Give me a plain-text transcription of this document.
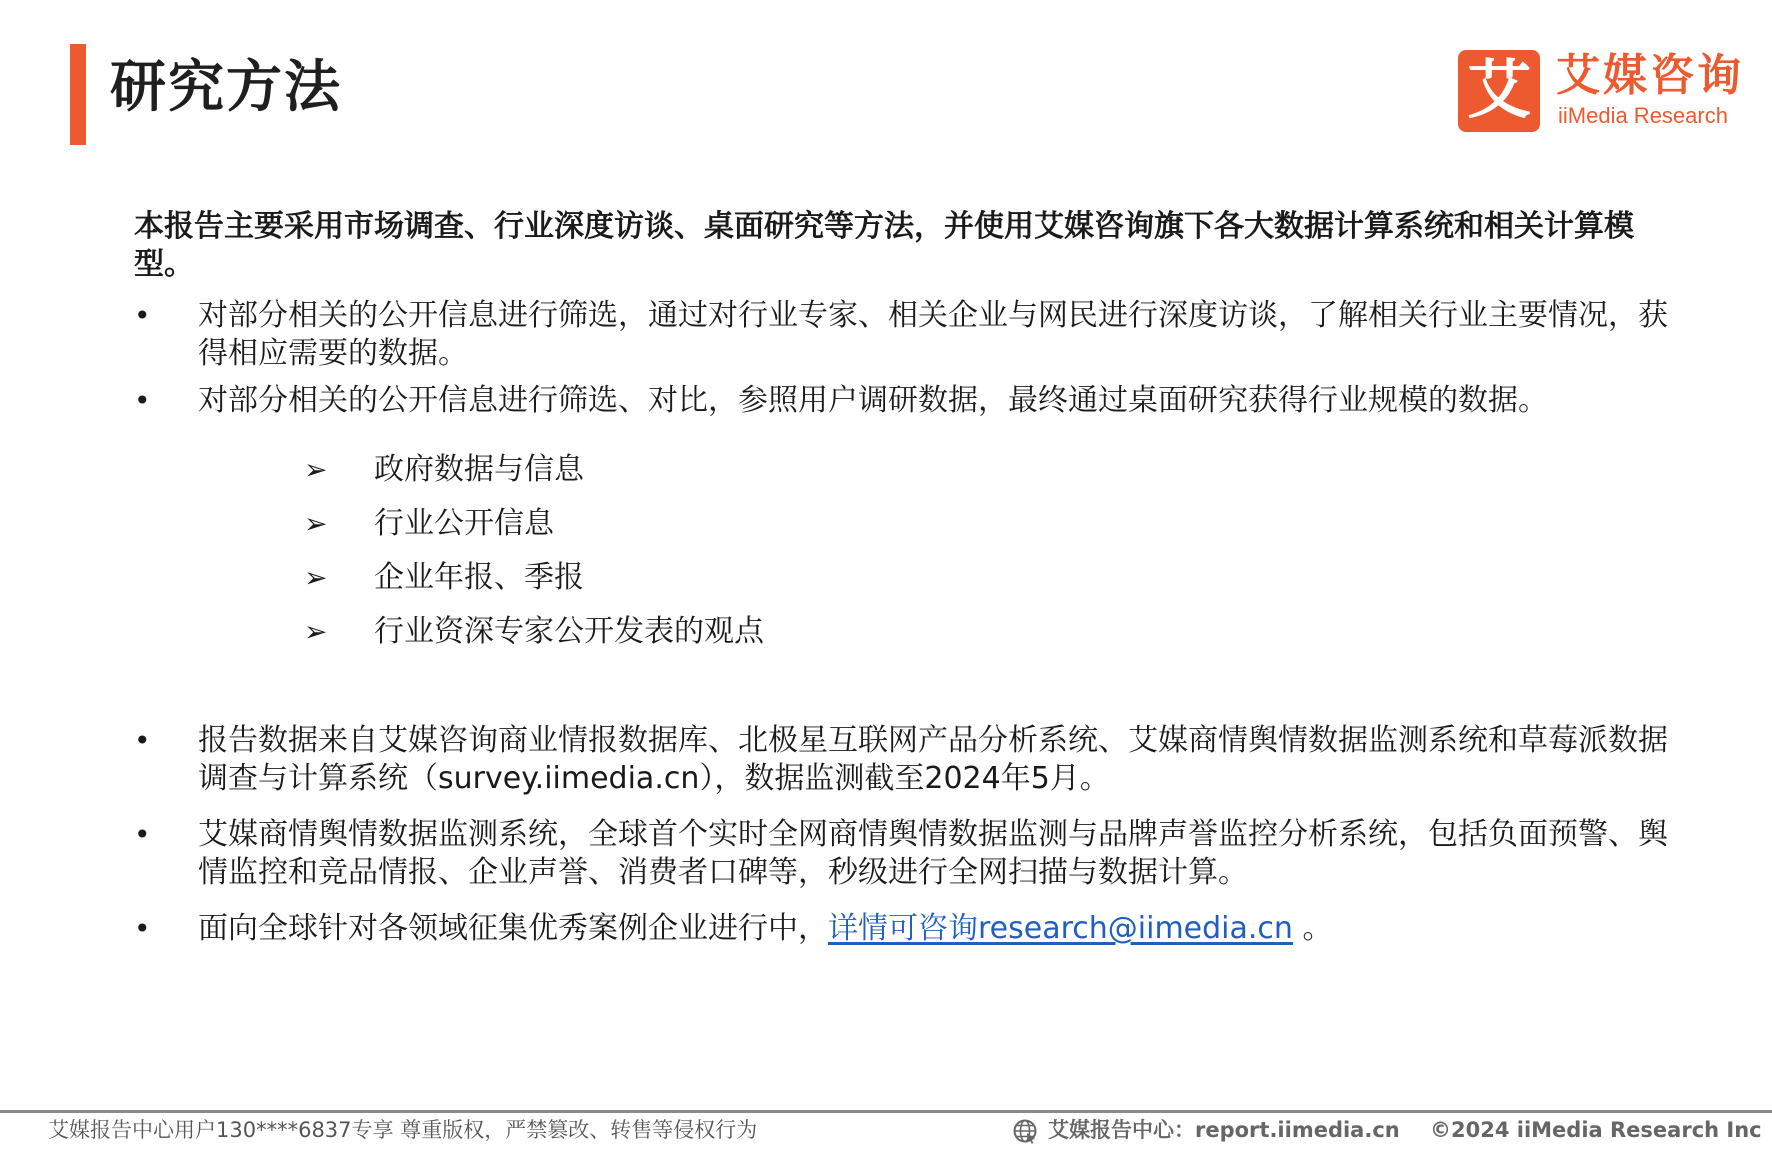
研究方法	艾 艾媒咨询
iiMedia Research
本报告主要采用市场调查、行业深度访谈、桌面研究等方法，并使用艾媒咨询旗下各大数据计算系统和相关计算模型。
• 对部分相关的公开信息进行筛选，通过对行业专家、相关企业与网民进行深度访谈，了解相关行业主要情况，获得相应需要的数据。
• 对部分相关的公开信息进行筛选、对比，参照用户调研数据，最终通过桌面研究获得行业规模的数据。
➢ 政府数据与信息
➢ 行业公开信息
➢ 企业年报、季报
➢ 行业资深专家公开发表的观点
• 报告数据来自艾媒咨询商业情报数据库、北极星互联网产品分析系统、艾媒商情舆情数据监测系统和草莓派数据调查与计算系统（survey.iimedia.cn），数据监测截至2024年5月。
• 艾媒商情舆情数据监测系统，全球首个实时全网商情舆情数据监测与品牌声誉监控分析系统，包括负面预警、舆情监控和竞品情报、企业声誉、消费者口碑等，秒级进行全网扫描与数据计算。
• 面向全球针对各领域征集优秀案例企业进行中，详情可咨询research@iimedia.cn 。
艾媒报告中心用户130****6837专享 尊重版权，严禁篡改、转售等侵权行为	艾媒报告中心：report.iimedia.cn ©2024 iiMedia Research Inc
